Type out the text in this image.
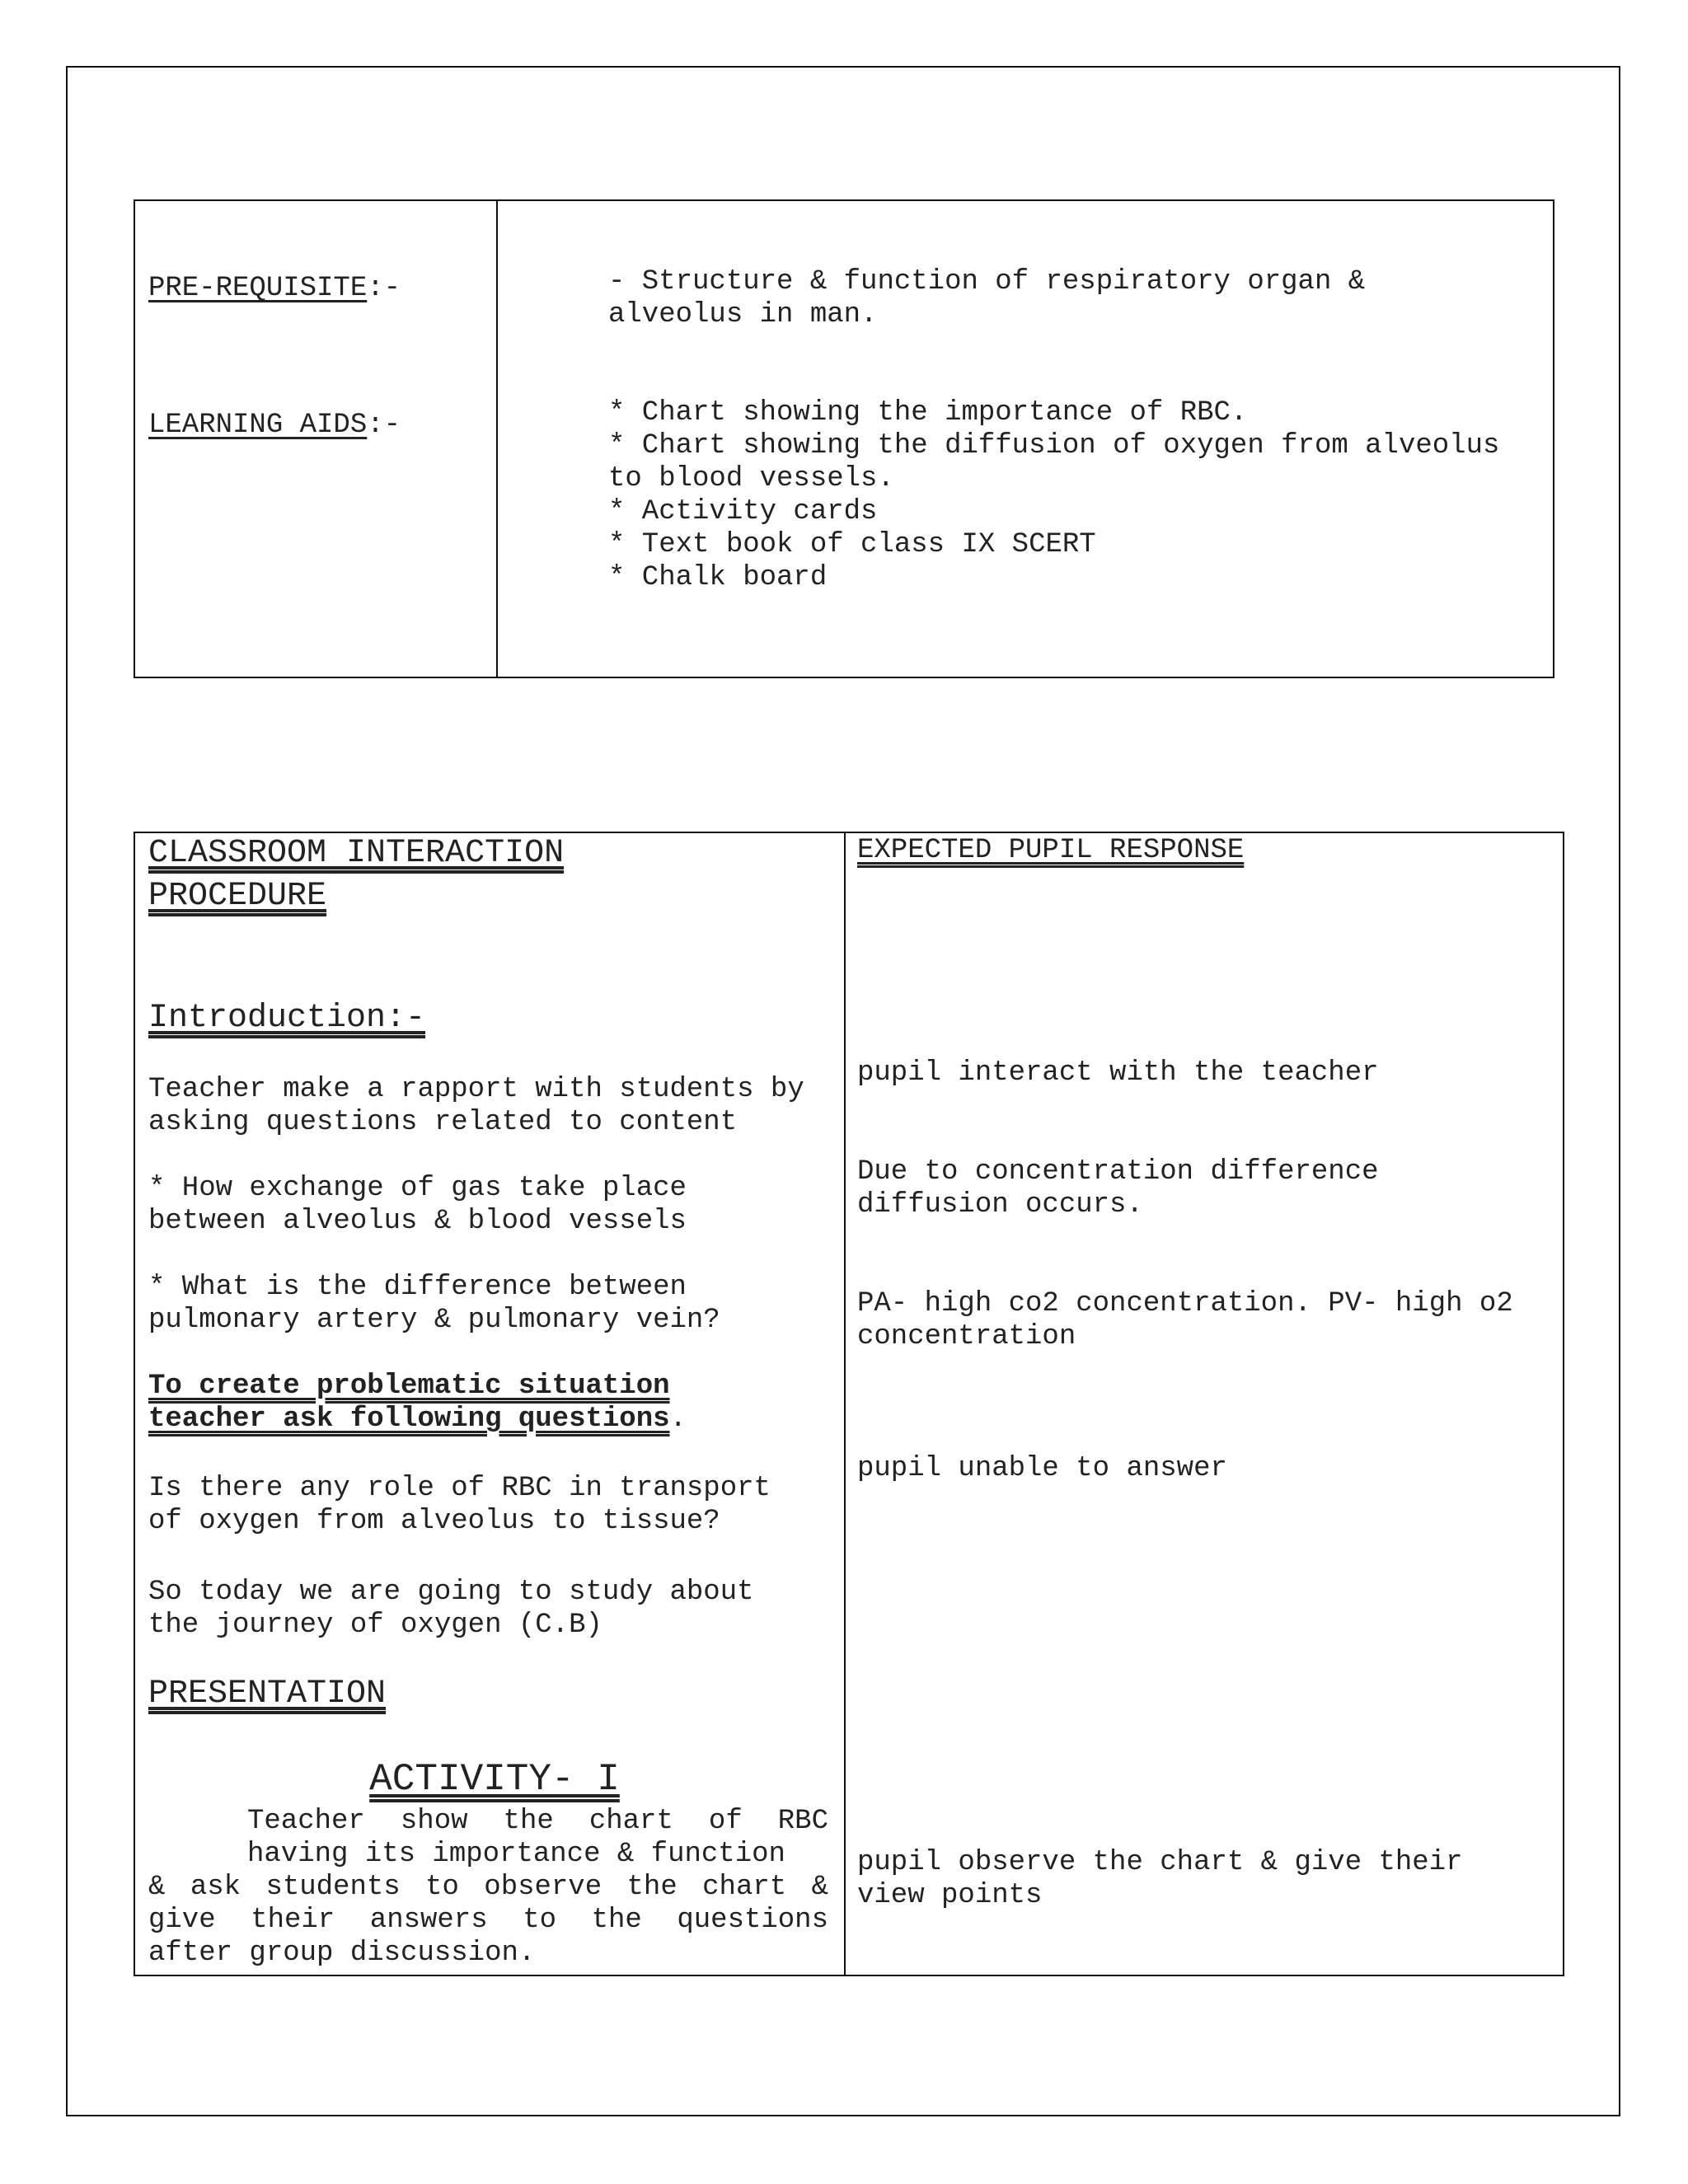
PRE-REQUISITE:-	- Structure & function of respiratory organ &
alveolus in man.
LEARNING AIDS:-	* Chart showing the importance of RBC.
* Chart showing the diffusion of oxygen from alveolus
to blood vessels.
* Activity cards
* Text book of class IX SCERT
* Chalk board
CLASSROOM INTERACTION
PROCEDURE
EXPECTED PUPIL RESPONSE
Introduction:-
Teacher make a rapport with students by
asking questions related to content
* How exchange of gas take place
between alveolus & blood vessels
* What is the difference between
pulmonary artery & pulmonary vein?
To create problematic situation
teacher ask following questions.
Is there any role of RBC in transport
of oxygen from alveolus to tissue?
So today we are going to study about
the journey of oxygen (C.B)
PRESENTATION
ACTIVITY- I
Teacher show the chart of RBC
having its importance & function
& ask students to observe the chart &
give their answers to the questions
after group discussion.
pupil interact with the teacher
Due to concentration difference
diffusion occurs.
PA- high co2 concentration. PV- high o2
concentration
pupil unable to answer
pupil observe the chart & give their
view points
